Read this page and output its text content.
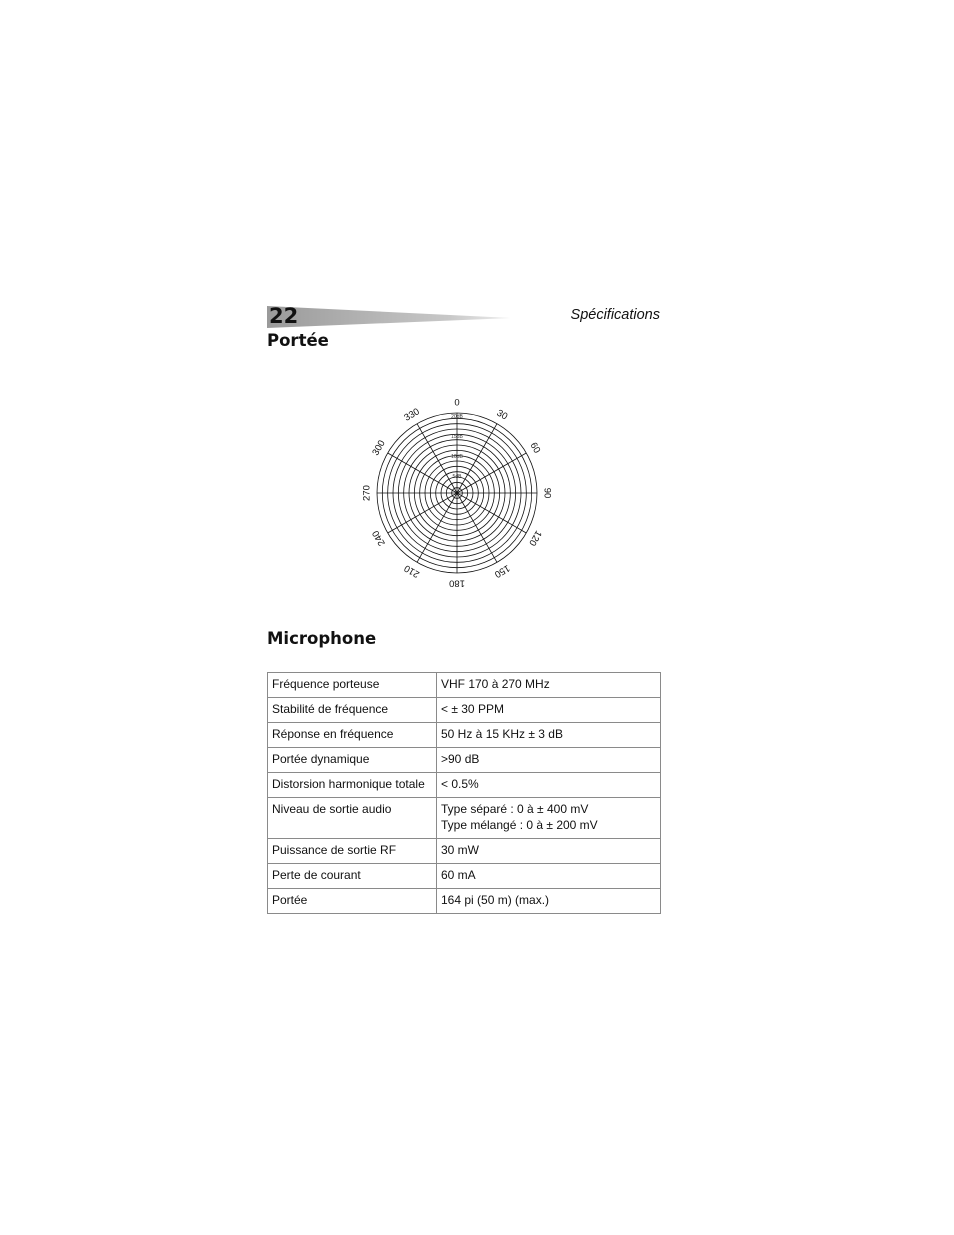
22	Spécifications
Portée
20dB
15dB
10dB
5dB
0
30
60
90
120
150
180
210
240
270
300
330
Microphone
Fréquence porteuse	VHF 170 à 270 MHz
Stabilité de fréquence	< ± 30 PPM
Réponse en fréquence	50 Hz à 15 KHz ± 3 dB
Portée dynamique	>90 dB
Distorsion harmonique totale	< 0.5%
Niveau de sortie audio	Type séparé : 0 à ± 400 mV
Type mélangé : 0 à ± 200 mV

Puissance de sortie RF	30 mW
Perte de courant	60 mA
Portée	164 pi (50 m) (max.)
